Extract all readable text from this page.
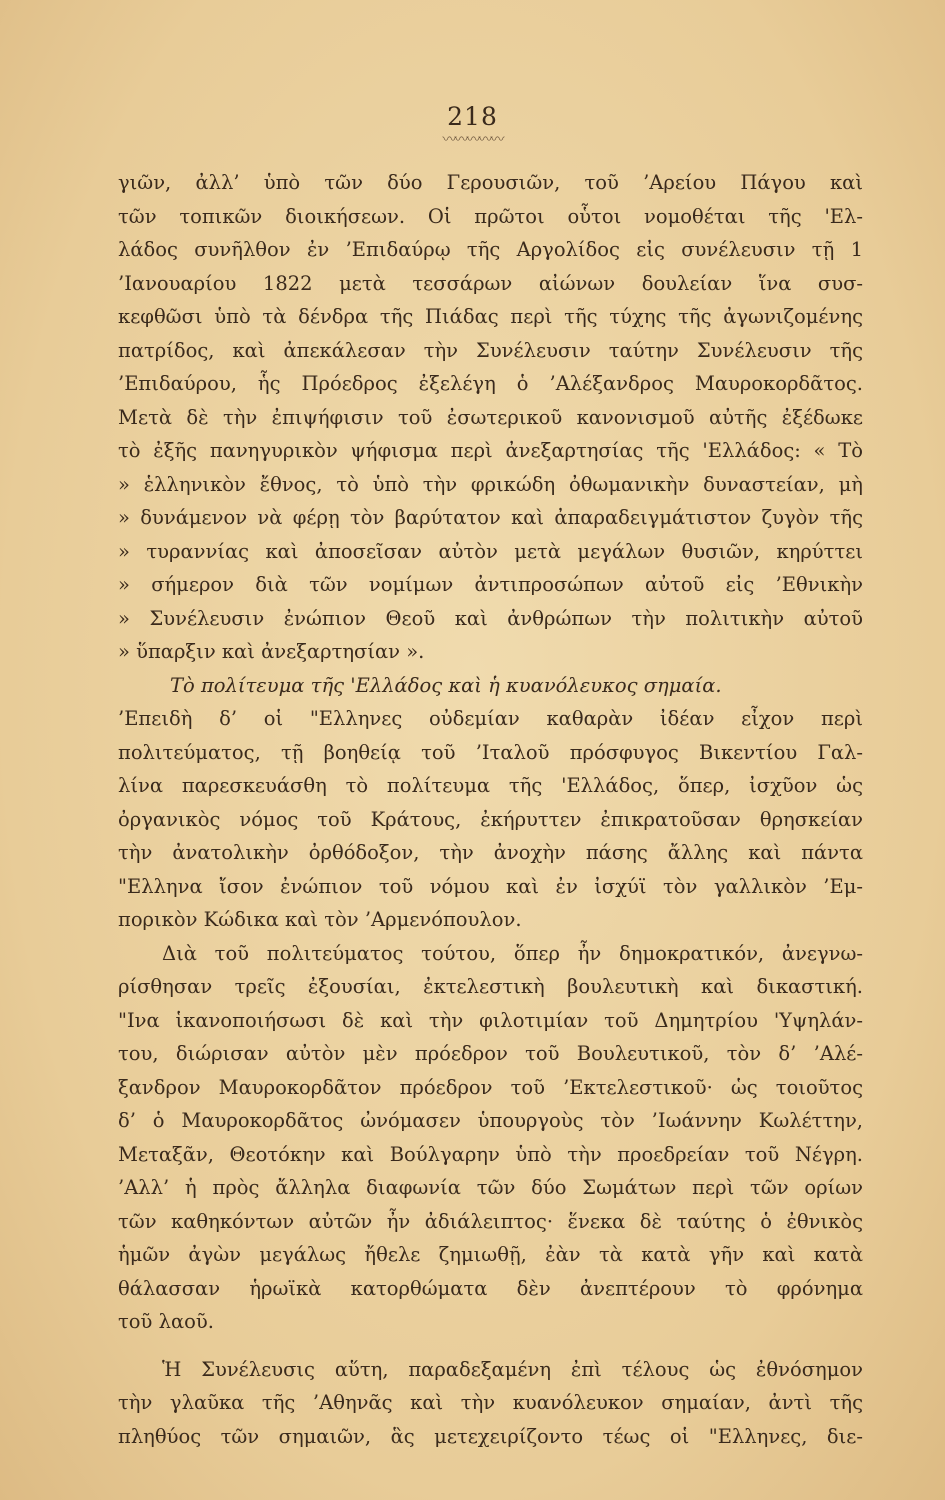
218
〰〰〰〰〰
γιῶν, ἀλλ’ ὑπὸ τῶν δύο Γερουσιῶν, τοῦ ’Αρείου Πάγου καὶ
τῶν τοπικῶν διοικήσεων. Οἱ πρῶτοι οὗτοι νομοθέται τῆς 'Ελ-
λάδος συνῆλθον ἐν ’Επιδαύρῳ τῆς Αργολίδος εἰς συνέλευσιν τῇ 1
’Ιανουαρίου 1822 μετὰ τεσσάρων αἰώνων δουλείαν ἵνα συσ-
κεφθῶσι ὑπὸ τὰ δένδρα τῆς Πιάδας περὶ τῆς τύχης τῆς ἀγωνιζομένης
πατρίδος, καὶ ἀπεκάλεσαν τὴν Συνέλευσιν ταύτην Συνέλευσιν τῆς
’Επιδαύρου, ἧς Πρόεδρος ἐξελέγη ὁ ’Αλέξανδρος Μαυροκορδᾶτος.
Μετὰ δὲ τὴν ἐπιψήφισιν τοῦ ἐσωτερικοῦ κανονισμοῦ αὐτῆς ἐξέδωκε
τὸ ἐξῆς πανηγυρικὸν ψήφισμα περὶ ἀνεξαρτησίας τῆς 'Ελλάδος: « Τὸ
» ἑλληνικὸν ἔθνος, τὸ ὑπὸ τὴν φρικώδη ὀθωμανικὴν δυναστείαν, μὴ
» δυνάμενον νὰ φέρῃ τὸν βαρύτατον καὶ ἀπαραδειγμάτιστον ζυγὸν τῆς
» τυραννίας καὶ ἀποσεῖσαν αὐτὸν μετὰ μεγάλων θυσιῶν, κηρύττει
» σήμερον διὰ τῶν νομίμων ἀντιπροσώπων αὐτοῦ εἰς ’Εθνικὴν
» Συνέλευσιν ἐνώπιον Θεοῦ καὶ ἀνθρώπων τὴν πολιτικὴν αὐτοῦ
» ὕπαρξιν καὶ ἀνεξαρτησίαν ».
Τὸ πολίτευμα τῆς 'Ελλάδος καὶ ἡ κυανόλευκος σημαία.
’Επειδὴ δ’ οἱ "Ελληνες οὐδεμίαν καθαρὰν ἰδέαν εἶχον περὶ
πολιτεύματος, τῇ βοηθείᾳ τοῦ ’Ιταλοῦ πρόσφυγος Βικεντίου Γαλ-
λίνα παρεσκευάσθη τὸ πολίτευμα τῆς 'Ελλάδος, ὅπερ, ἰσχῦον ὡς
ὀργανικὸς νόμος τοῦ Κράτους, ἐκήρυττεν ἐπικρατοῦσαν θρησκείαν
τὴν ἀνατολικὴν ὀρθόδοξον, τὴν ἀνοχὴν πάσης ἄλλης καὶ πάντα
"Ελληνα ἴσον ἐνώπιον τοῦ νόμου καὶ ἐν ἰσχύϊ τὸν γαλλικὸν ’Εμ-
πορικὸν Κώδικα καὶ τὸν ’Αρμενόπουλον.
Διὰ τοῦ πολιτεύματος τούτου, ὅπερ ἦν δημοκρατικόν, ἀνεγνω-
ρίσθησαν τρεῖς ἐξουσίαι, ἐκτελεστικὴ βουλευτικὴ καὶ δικαστική.
"Ινα ἱκανοποιήσωσι δὲ καὶ τὴν φιλοτιμίαν τοῦ Δημητρίου 'Υψηλάν-
του, διώρισαν αὐτὸν μὲν πρόεδρον τοῦ Βουλευτικοῦ, τὸν δ’ ’Αλέ-
ξανδρον Μαυροκορδᾶτον πρόεδρον τοῦ ’Εκτελεστικοῦ· ὡς τοιοῦτος
δ’ ὁ Μαυροκορδᾶτος ὠνόμασεν ὑπουργοὺς τὸν ’Ιωάννην Κωλέττην,
Μεταξᾶν, Θεοτόκην καὶ Βούλγαρην ὑπὸ τὴν προεδρείαν τοῦ Νέγρη.
’Αλλ’ ἡ πρὸς ἄλληλα διαφωνία τῶν δύο Σωμάτων περὶ τῶν ορίων
τῶν καθηκόντων αὐτῶν ἦν ἀδιάλειπτος· ἕνεκα δὲ ταύτης ὁ ἐθνικὸς
ἡμῶν ἀγὼν μεγάλως ἤθελε ζημιωθῇ, ἐὰν τὰ κατὰ γῆν καὶ κατὰ
θάλασσαν ἡρωϊκὰ κατορθώματα δὲν ἀνεπτέρουν τὸ φρόνημα
τοῦ λαοῦ.
Ἡ Συνέλευσις αὕτη, παραδεξαμένη ἐπὶ τέλους ὡς ἐθνόσημον
τὴν γλαῦκα τῆς ’Αθηνᾶς καὶ τὴν κυανόλευκον σημαίαν, ἀντὶ τῆς
πληθύος τῶν σημαιῶν, ἃς μετεχειρίζοντο τέως οἱ "Ελληνες, διε-
